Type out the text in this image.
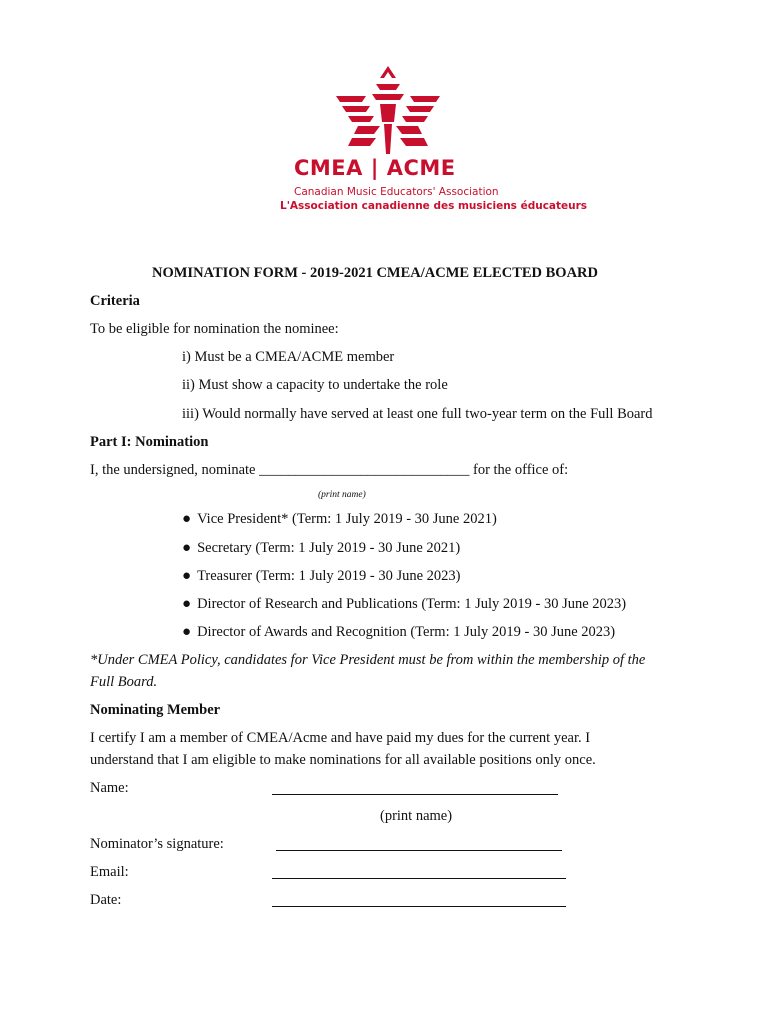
CMEA | ACME
Canadian Music Educators' Association
L'Association canadienne des musiciens éducateurs
NOMINATION FORM - 2019-2021 CMEA/ACME ELECTED BOARD
Criteria
To be eligible for nomination the nominee:
i) Must be a CMEA/ACME member
ii) Must show a capacity to undertake the role
iii) Would normally have served at least one full two-year term on the Full Board
Part I: Nomination
I, the undersigned, nominate _____________________________ for the office of:
(print name)
● Vice President* (Term: 1 July 2019 - 30 June 2021)
● Secretary (Term: 1 July 2019 - 30 June 2021)
● Treasurer (Term: 1 July 2019 - 30 June 2023)
● Director of Research and Publications (Term: 1 July 2019 - 30 June 2023)
● Director of Awards and Recognition (Term: 1 July 2019 - 30 June 2023)
*Under CMEA Policy, candidates for Vice President must be from within the membership of the
Full Board.
Nominating Member
I certify I am a member of CMEA/Acme and have paid my dues for the current year. I
understand that I am eligible to make nominations for all available positions only once.
Name:
(print name)
Nominator’s signature:
Email:
Date:
